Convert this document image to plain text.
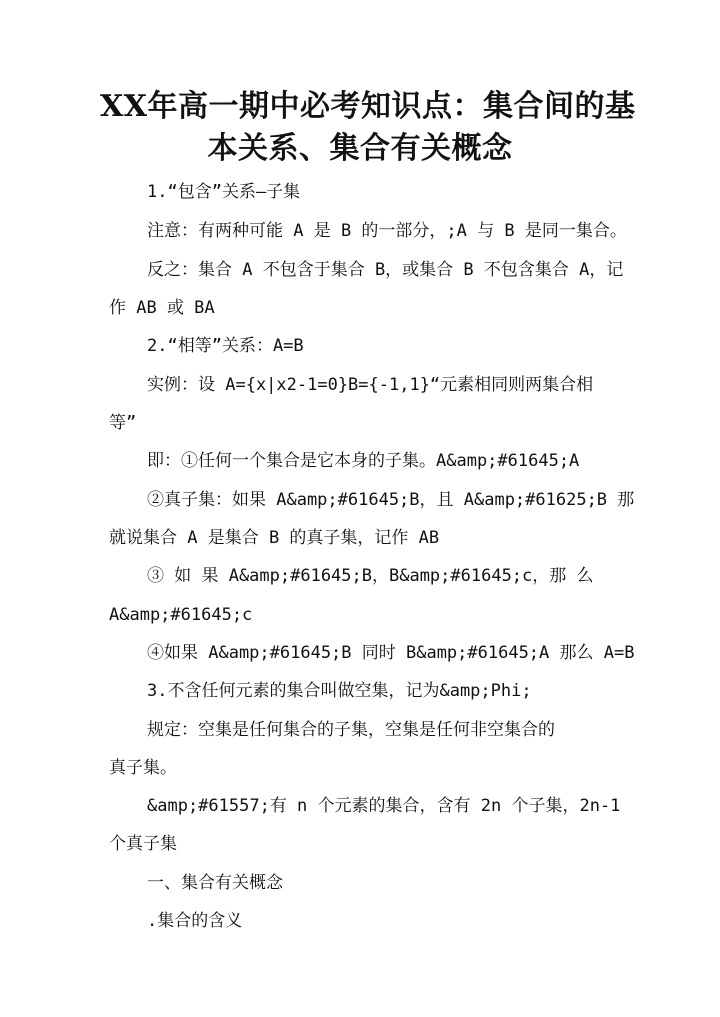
XX年高一期中必考知识点：集合间的基
本关系、集合有关概念
1.“包含”关系—子集
注意：有两种可能 A 是 B 的一部分，;A 与 B 是同一集合。
反之：集合 A 不包含于集合 B，或集合 B 不包含集合 A，记
作 AB 或 BA
2.“相等”关系：A=B
实例：设 A={x|x2-1=0}B={-1,1}“元素相同则两集合相
等”
即：①任何一个集合是它本身的子集。A&amp;#61645;A
②真子集：如果 A&amp;#61645;B，且 A&amp;#61625;B 那
就说集合 A 是集合 B 的真子集，记作 AB
③ 如 果 A&amp;#61645;B，B&amp;#61645;c，那 么
A&amp;#61645;c
④如果 A&amp;#61645;B 同时 B&amp;#61645;A 那么 A=B
3.不含任何元素的集合叫做空集，记为&amp;Phi;
规定：空集是任何集合的子集，空集是任何非空集合的
真子集。
&amp;#61557;有 n 个元素的集合，含有 2n 个子集，2n-1
个真子集
一、集合有关概念
.集合的含义
